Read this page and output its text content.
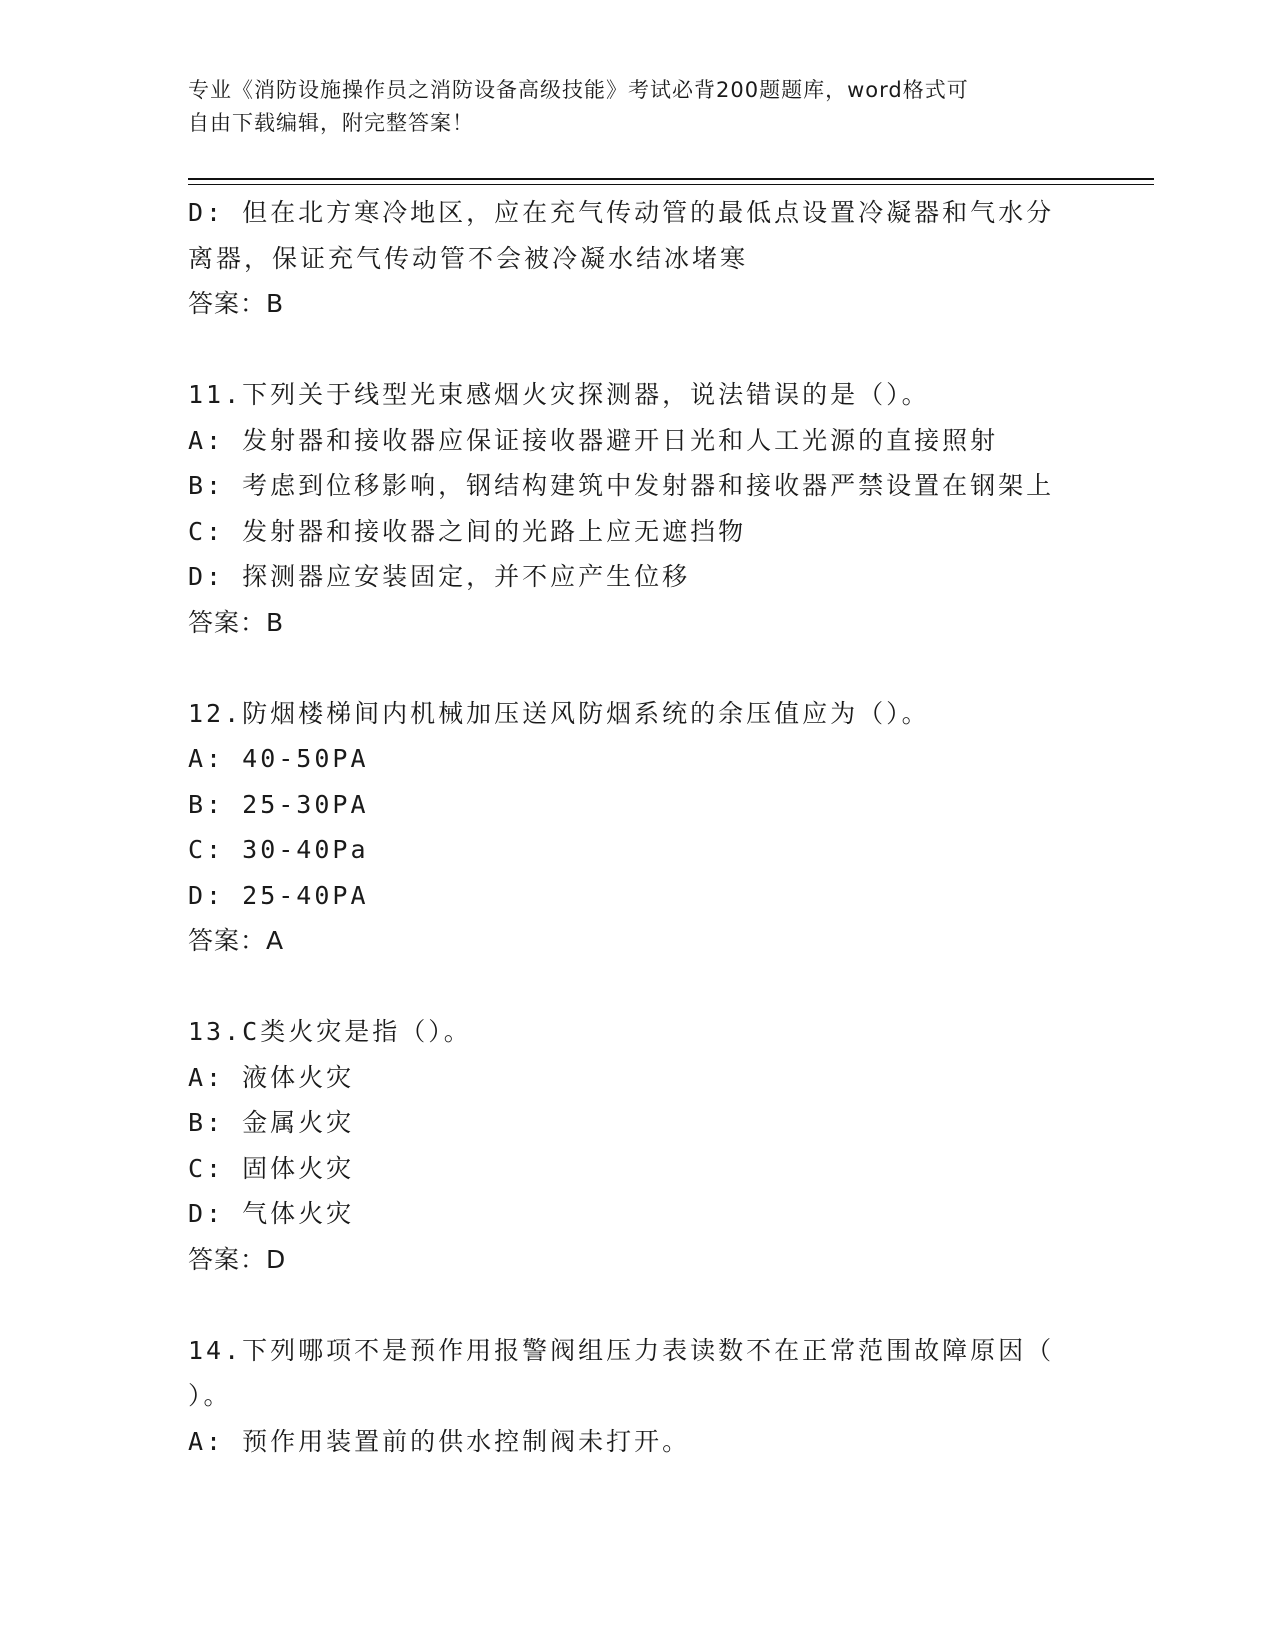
专业《消防设施操作员之消防设备高级技能》考试必背200题题库，word格式可
自由下载编辑，附完整答案！
D: 但在北方寒冷地区，应在充气传动管的最低点设置冷凝器和气水分
离器，保证充气传动管不会被冷凝水结冰堵寒
答案：B
11.下列关于线型光束感烟火灾探测器，说法错误的是（）。
A: 发射器和接收器应保证接收器避开日光和人工光源的直接照射
B: 考虑到位移影响，钢结构建筑中发射器和接收器严禁设置在钢架上
C: 发射器和接收器之间的光路上应无遮挡物
D: 探测器应安装固定，并不应产生位移
答案：B
12.防烟楼梯间内机械加压送风防烟系统的余压值应为（）。
A: 40-50PA
B: 25-30PA
C: 30-40Pa
D: 25-40PA
答案：A
13.C类火灾是指（）。
A: 液体火灾
B: 金属火灾
C: 固体火灾
D: 气体火灾
答案：D
14.下列哪项不是预作用报警阀组压力表读数不在正常范围故障原因（
）。
A: 预作用装置前的供水控制阀未打开。
